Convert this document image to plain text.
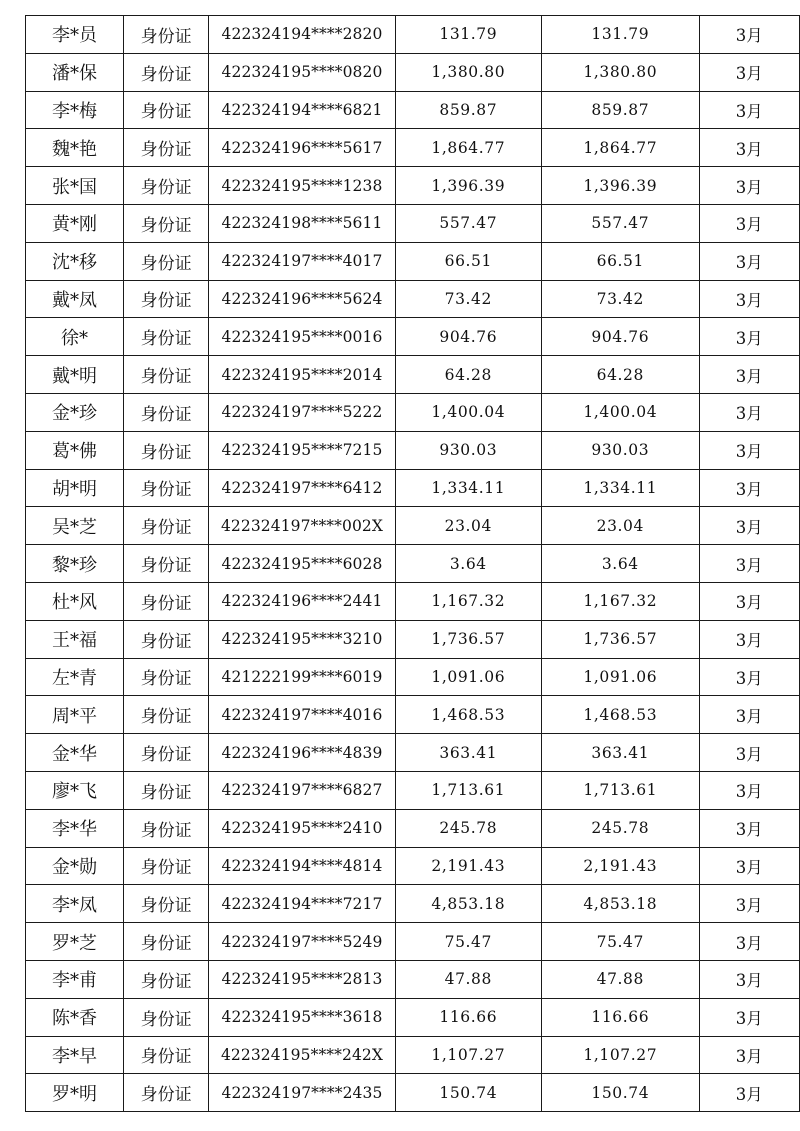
李*员	身份证	422324194****2820	131.79	131.79	3月
潘*保	身份证	422324195****0820	1,380.80	1,380.80	3月
李*梅	身份证	422324194****6821	859.87	859.87	3月
魏*艳	身份证	422324196****5617	1,864.77	1,864.77	3月
张*国	身份证	422324195****1238	1,396.39	1,396.39	3月
黄*刚	身份证	422324198****5611	557.47	557.47	3月
沈*移	身份证	422324197****4017	66.51	66.51	3月
戴*凤	身份证	422324196****5624	73.42	73.42	3月
徐*	身份证	422324195****0016	904.76	904.76	3月
戴*明	身份证	422324195****2014	64.28	64.28	3月
金*珍	身份证	422324197****5222	1,400.04	1,400.04	3月
葛*佛	身份证	422324195****7215	930.03	930.03	3月
胡*明	身份证	422324197****6412	1,334.11	1,334.11	3月
吴*芝	身份证	422324197****002X	23.04	23.04	3月
黎*珍	身份证	422324195****6028	3.64	3.64	3月
杜*风	身份证	422324196****2441	1,167.32	1,167.32	3月
王*福	身份证	422324195****3210	1,736.57	1,736.57	3月
左*青	身份证	421222199****6019	1,091.06	1,091.06	3月
周*平	身份证	422324197****4016	1,468.53	1,468.53	3月
金*华	身份证	422324196****4839	363.41	363.41	3月
廖*飞	身份证	422324197****6827	1,713.61	1,713.61	3月
李*华	身份证	422324195****2410	245.78	245.78	3月
金*勋	身份证	422324194****4814	2,191.43	2,191.43	3月
李*凤	身份证	422324194****7217	4,853.18	4,853.18	3月
罗*芝	身份证	422324197****5249	75.47	75.47	3月
李*甫	身份证	422324195****2813	47.88	47.88	3月
陈*香	身份证	422324195****3618	116.66	116.66	3月
李*早	身份证	422324195****242X	1,107.27	1,107.27	3月
罗*明	身份证	422324197****2435	150.74	150.74	3月
